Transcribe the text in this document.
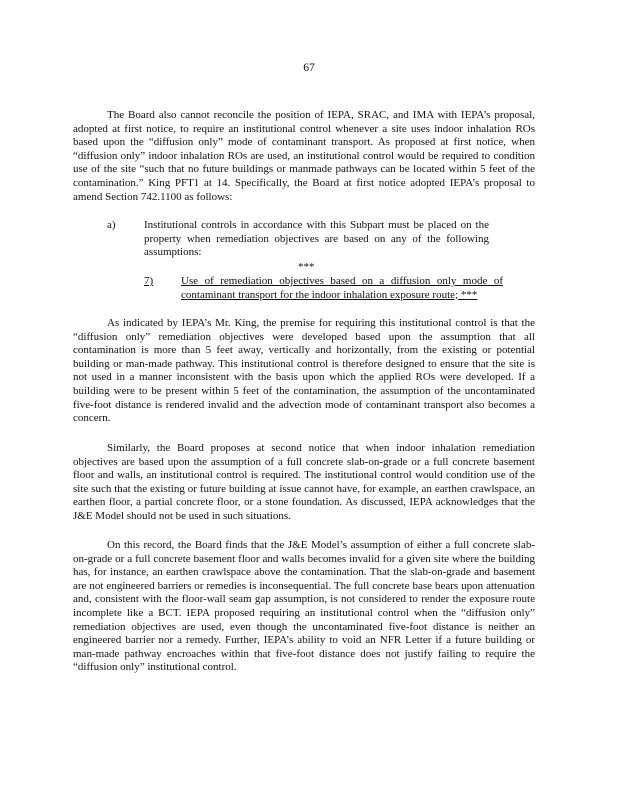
67

The Board also cannot reconcile the position of IEPA, SRAC, and IMA with IEPA’s proposal, adopted at first notice, to require an institutional control whenever a site uses indoor inhalation ROs based upon the “diffusion only” mode of contaminant transport. As proposed at first notice, when “diffusion only” indoor inhalation ROs are used, an institutional control would be required to condition use of the site “such that no future buildings or manmade pathways can be located within 5 feet of the contamination.” King PFT1 at 14. Specifically, the Board at first notice adopted IEPA’s proposal to amend Section 742.1100 as follows:

a)	Institutional controls in accordance with this Subpart must be placed on the property when remediation objectives are based on any of the following assumptions:
***
7)	Use of remediation objectives based on a diffusion only mode of contaminant transport for the indoor inhalation exposure route; ***

As indicated by IEPA’s Mr. King, the premise for requiring this institutional control is that the “diffusion only” remediation objectives were developed based upon the assumption that all contamination is more than 5 feet away, vertically and horizontally, from the existing or potential building or man-made pathway. This institutional control is therefore designed to ensure that the site is not used in a manner inconsistent with the basis upon which the applied ROs were developed. If a building were to be present within 5 feet of the contamination, the assumption of the uncontaminated five-foot distance is rendered invalid and the advection mode of contaminant transport also becomes a concern.

Similarly, the Board proposes at second notice that when indoor inhalation remediation objectives are based upon the assumption of a full concrete slab-on-grade or a full concrete basement floor and walls, an institutional control is required. The institutional control would condition use of the site such that the existing or future building at issue cannot have, for example, an earthen crawlspace, an earthen floor, a partial concrete floor, or a stone foundation. As discussed, IEPA acknowledges that the J&E Model should not be used in such situations.

On this record, the Board finds that the J&E Model’s assumption of either a full concrete slab-on-grade or a full concrete basement floor and walls becomes invalid for a given site where the building has, for instance, an earthen crawlspace above the contamination. That the slab-on-grade and basement are not engineered barriers or remedies is inconsequential. The full concrete base bears upon attenuation and, consistent with the floor-wall seam gap assumption, is not considered to render the exposure route incomplete like a BCT. IEPA proposed requiring an institutional control when the “diffusion only” remediation objectives are used, even though the uncontaminated five-foot distance is neither an engineered barrier nor a remedy. Further, IEPA’s ability to void an NFR Letter if a future building or man-made pathway encroaches within that five-foot distance does not justify failing to require the “diffusion only” institutional control.
